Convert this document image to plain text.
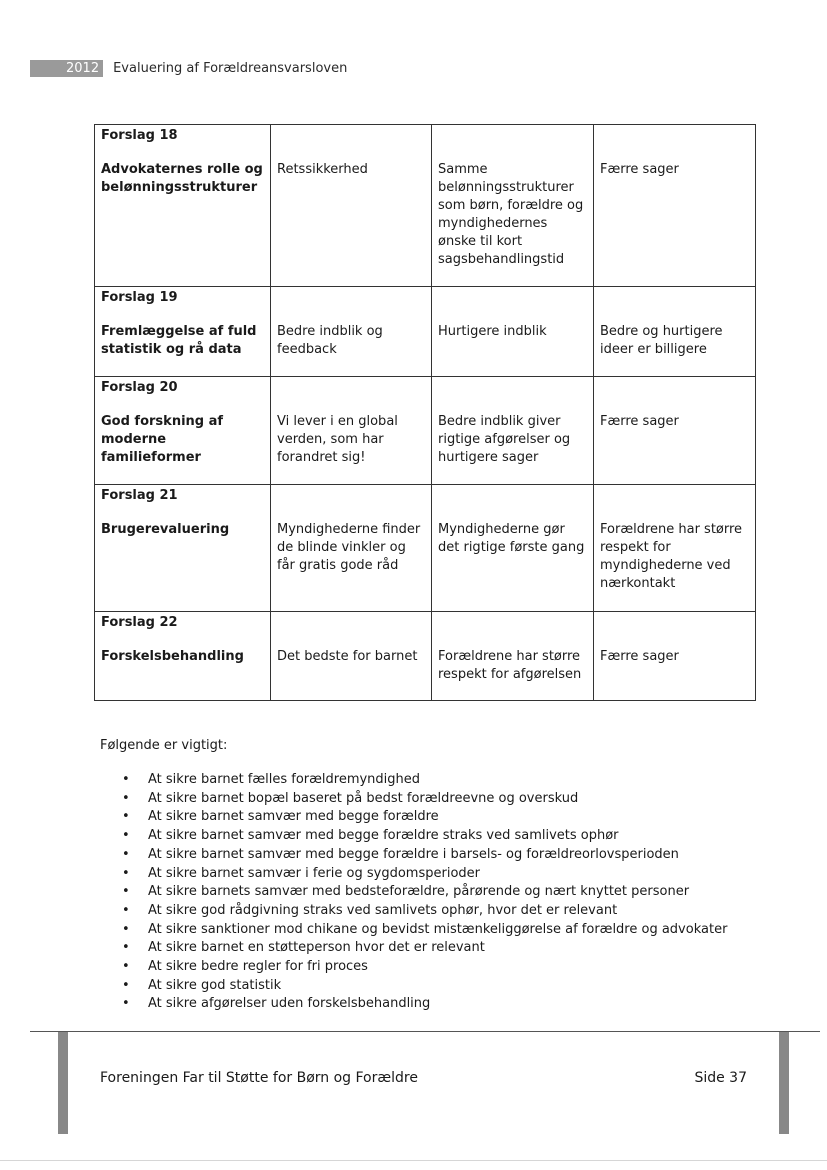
2012	Evaluering af Forældreansvarsloven
Forslag 18
Advokaternes rolle og belønningsstrukturer	Retssikkerhed	Samme belønningsstrukturer som børn, forældre og myndighedernes ønske til kort sagsbehandlingstid	Færre sager

Forslag 19
Fremlæggelse af fuld statistik og rå data	Bedre indblik og feedback	Hurtigere indblik	Bedre og hurtigere ideer er billigere

Forslag 20
God forskning af moderne familieformer	Vi lever i en global verden, som har forandret sig!	Bedre indblik giver rigtige afgørelser og hurtigere sager	Færre sager

Forslag 21
Brugerevaluering	Myndighederne finder de blinde vinkler og får gratis gode råd	Myndighederne gør det rigtige første gang	Forældrene har større respekt for myndighederne ved nærkontakt

Forslag 22
Forskelsbehandling	Det bedste for barnet	Forældrene har større respekt for afgørelsen	Færre sager
Følgende er vigtigt:
• At sikre barnet fælles forældremyndighed
• At sikre barnet bopæl baseret på bedst forældreevne og overskud
• At sikre barnet samvær med begge forældre
• At sikre barnet samvær med begge forældre straks ved samlivets ophør
• At sikre barnet samvær med begge forældre i barsels- og forældreorlovsperioden
• At sikre barnet samvær i ferie og sygdomsperioder
• At sikre barnets samvær med bedsteforældre, pårørende og nært knyttet personer
• At sikre god rådgivning straks ved samlivets ophør, hvor det er relevant
• At sikre sanktioner mod chikane og bevidst mistænkeliggørelse af forældre og advokater
• At sikre barnet en støtteperson hvor det er relevant
• At sikre bedre regler for fri proces
• At sikre god statistik
• At sikre afgørelser uden forskelsbehandling
Foreningen Far til Støtte for Børn og Forældre	Side 37
